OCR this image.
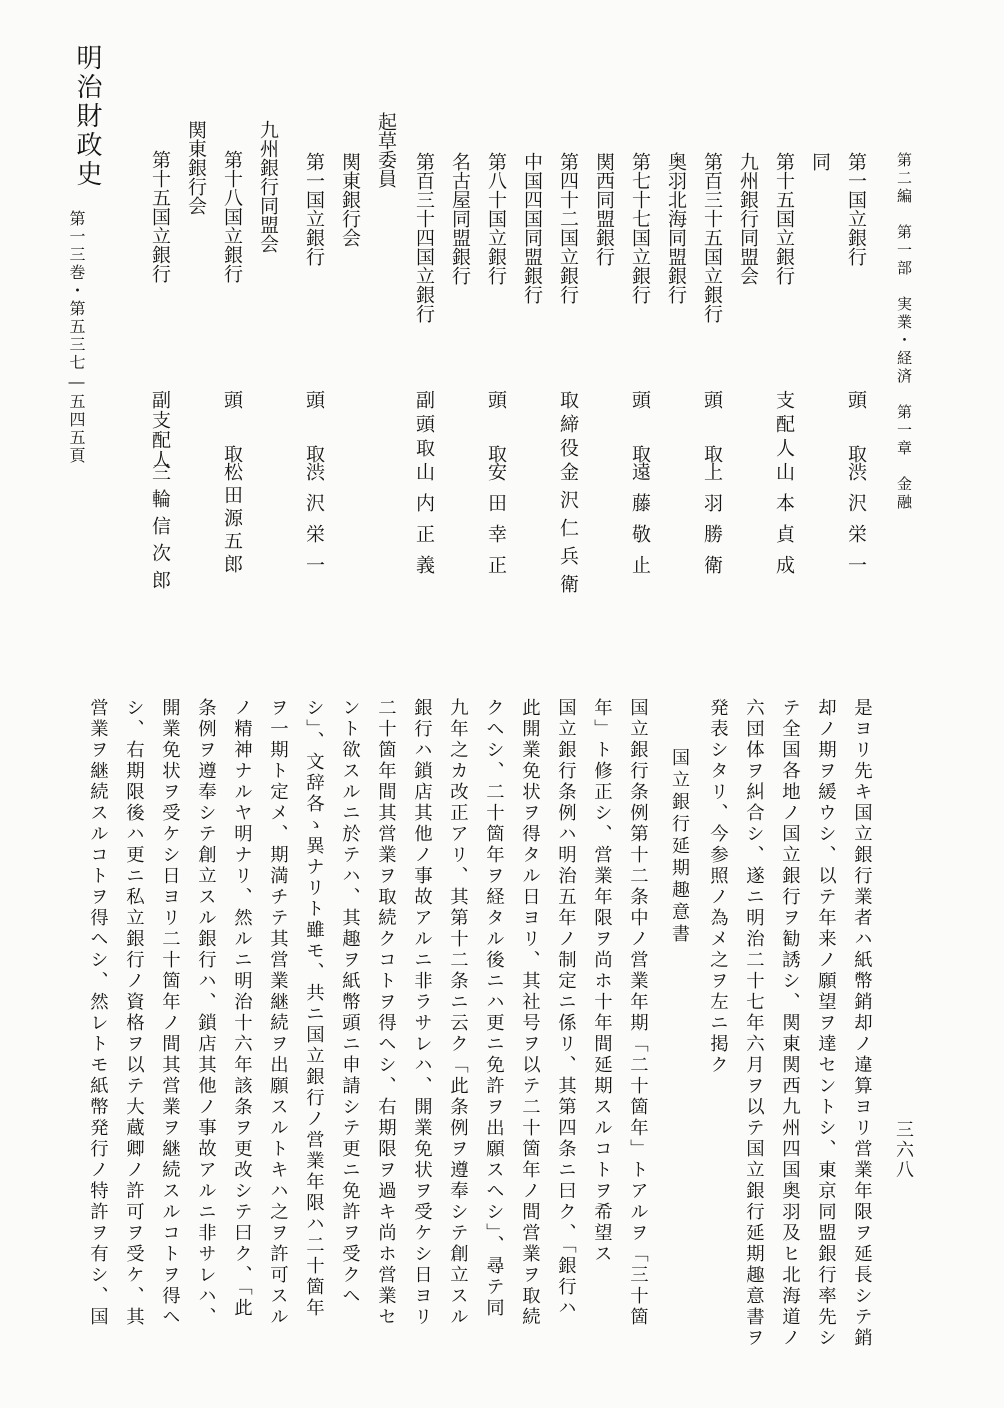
第二編　第一部　実業・経済　第一章　金融
三六八
明治財政史
第一三巻・第五三七―五四五頁
第一国立銀行
頭　取
渋沢栄一
同
第十五国立銀行
支配人
山本貞成
九州銀行同盟会
第百三十五国立銀行
頭　取
上羽勝衛
奥羽北海同盟銀行
第七十七国立銀行
頭　取
遠藤敬止
関西同盟銀行
第四十二国立銀行
取締役
金沢仁兵衛
中国四国同盟銀行
第八十国立銀行
頭　取
安田幸正
名古屋同盟銀行
第百三十四国立銀行
副頭取
山内正義
起草委員
関東銀行会
第一国立銀行
頭　取
渋沢栄一
九州銀行同盟会
第十八国立銀行
頭　取
松田源五郎
関東銀行会
第十五国立銀行
副支配人
三輪信次郎
是ヨリ先キ国立銀行業者ハ紙幣銷却ノ違算ヨリ営業年限ヲ延長シテ銷
却ノ期ヲ緩ウシ、以テ年来ノ願望ヲ達セントシ、東京同盟銀行率先シ
テ全国各地ノ国立銀行ヲ勧誘シ、関東関西九州四国奥羽及ヒ北海道ノ
六団体ヲ糾合シ、遂ニ明治二十七年六月ヲ以テ国立銀行延期趣意書ヲ
発表シタリ、今参照ノ為メ之ヲ左ニ掲ク
国立銀行延期趣意書
国立銀行条例第十二条中ノ営業年期「二十箇年」トアルヲ「三十箇
年」ト修正シ、営業年限ヲ尚ホ十年間延期スルコトヲ希望ス
国立銀行条例ハ明治五年ノ制定ニ係リ、其第四条ニ曰ク、「銀行ハ
此開業免状ヲ得タル日ヨリ、其社号ヲ以テ二十箇年ノ間営業ヲ取続
クヘシ、二十箇年ヲ経タル後ニハ更ニ免許ヲ出願スヘシ」、尋テ同
九年之カ改正アリ、其第十二条ニ云ク「此条例ヲ遵奉シテ創立スル
銀行ハ鎖店其他ノ事故アルニ非ラサレハ、開業免状ヲ受ケシ日ヨリ
二十箇年間其営業ヲ取続クコトヲ得ヘシ、右期限ヲ過キ尚ホ営業セ
ント欲スルニ於テハ、其趣ヲ紙幣頭ニ申請シテ更ニ免許ヲ受クヘ
シ」、文辞各ゝ異ナリト雖モ、共ニ国立銀行ノ営業年限ハ二十箇年
ヲ一期ト定メ、期満チテ其営業継続ヲ出願スルトキハ之ヲ許可スル
ノ精神ナルヤ明ナリ、然ルニ明治十六年該条ヲ更改シテ曰ク、「此
条例ヲ遵奉シテ創立スル銀行ハ、鎖店其他ノ事故アルニ非サレハ、
開業免状ヲ受ケシ日ヨリ二十箇年ノ間其営業ヲ継続スルコトヲ得ヘ
シ、右期限後ハ更ニ私立銀行ノ資格ヲ以テ大蔵卿ノ許可ヲ受ケ、其
営業ヲ継続スルコトヲ得ヘシ、然レトモ紙幣発行ノ特許ヲ有シ、国
